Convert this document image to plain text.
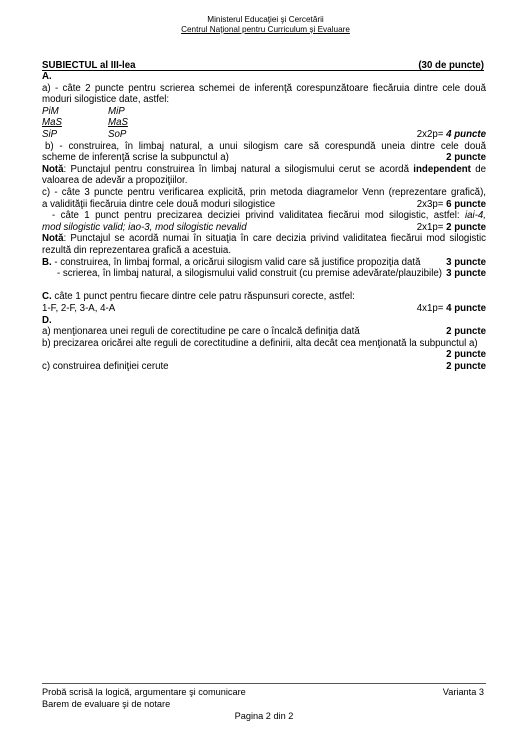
Ministerul Educaţiei şi Cercetării
Centrul Naţional pentru Curriculum şi Evaluare
SUBIECTUL al III-lea	(30 de puncte)
A.
a) - câte 2 puncte pentru scrierea schemei de inferenţă corespunzătoare fiecăruia dintre cele două
moduri silogistice date, astfel:
PiM	MiP
MaS	MaS
SiP	SoP	2x2p= 4 puncte
b) - construirea, în limbaj natural, a unui silogism care să corespundă uneia dintre cele două
scheme de inferenţă scrise la subpunctul a)	2 puncte
Notă: Punctajul pentru construirea în limbaj natural a silogismului cerut se acordă independent de
valoarea de adevăr a propoziţiilor.
c) - câte 3 puncte pentru verificarea explicită, prin metoda diagramelor Venn (reprezentare grafică),
a validităţii fiecăruia dintre cele două moduri silogistice	2x3p= 6 puncte
- câte 1 punct pentru precizarea deciziei privind validitatea fiecărui mod silogistic, astfel: iai-4,
mod silogistic valid; iao-3, mod silogistic nevalid	2x1p= 2 puncte
Notă: Punctajul se acordă numai în situaţia în care decizia privind validitatea fiecărui mod silogistic
rezultă din reprezentarea grafică a acestuia.
B. - construirea, în limbaj formal, a oricărui silogism valid care să justifice propoziţia dată	3 puncte
- scrierea, în limbaj natural, a silogismului valid construit (cu premise adevărate/plauzibile) 3 puncte
C. câte 1 punct pentru fiecare dintre cele patru răspunsuri corecte, astfel:
1-F, 2-F, 3-A, 4-A	4x1p= 4 puncte
D.
a) menţionarea unei reguli de corectitudine pe care o încalcă definiţia dată	2 puncte
b) precizarea oricărei alte reguli de corectitudine a definirii, alta decât cea menţionată la subpunctul a)
2 puncte
c) construirea definiţiei cerute	2 puncte
Probă scrisă la logică, argumentare şi comunicare	Varianta 3
Barem de evaluare şi de notare
Pagina 2 din 2
